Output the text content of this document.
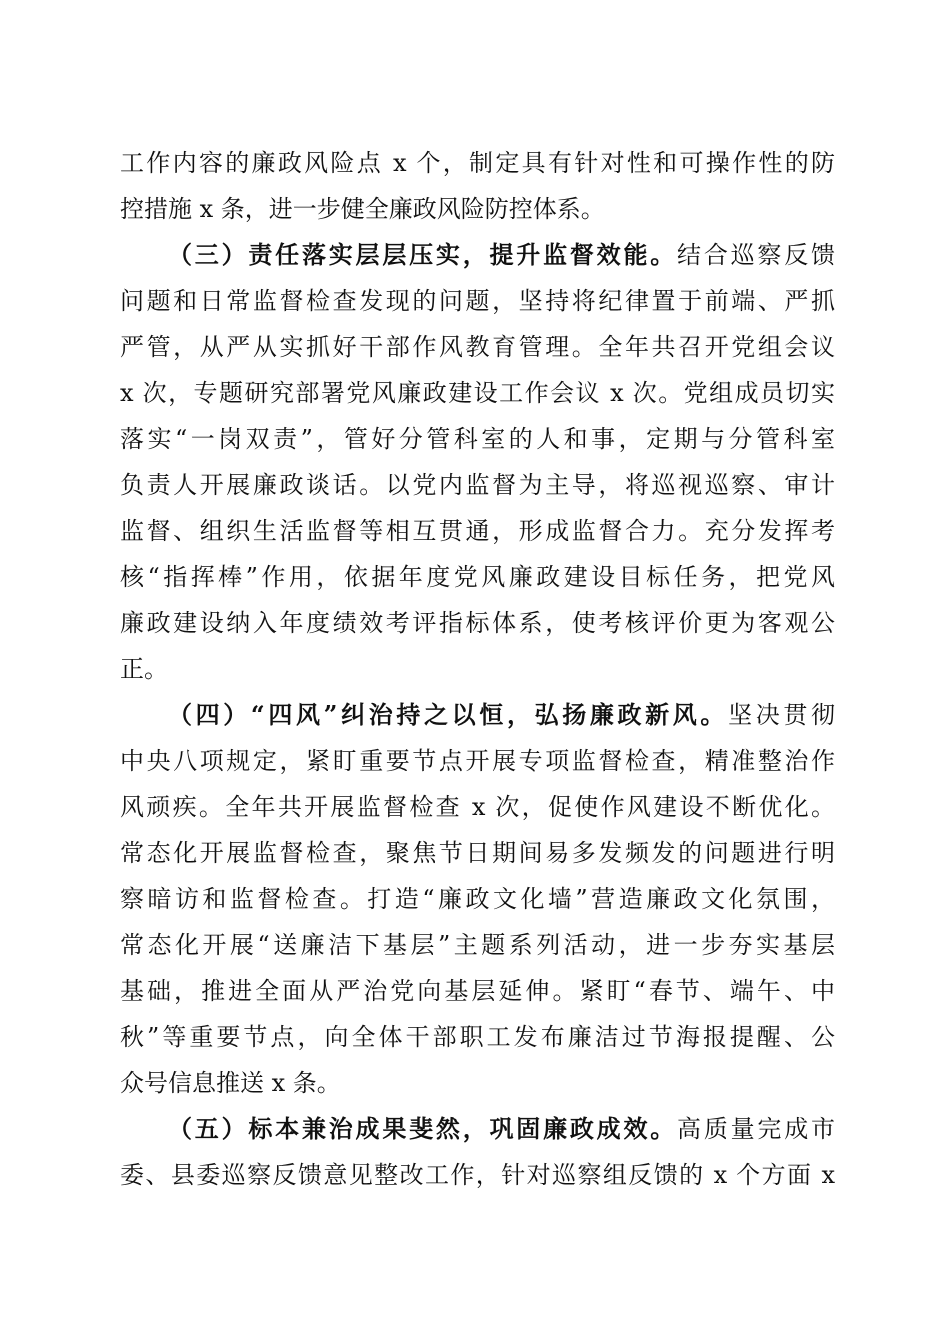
工作内容的廉政风险点 x 个，制定具有针对性和可操作性的防
控措施 x 条，进一步健全廉政风险防控体系。
（三）责任落实层层压实，提升监督效能。结合巡察反馈
问题和日常监督检查发现的问题，坚持将纪律置于前端、严抓
严管，从严从实抓好干部作风教育管理。全年共召开党组会议
x 次，专题研究部署党风廉政建设工作会议 x 次。党组成员切实
落实“一岗双责”，管好分管科室的人和事，定期与分管科室
负责人开展廉政谈话。以党内监督为主导，将巡视巡察、审计
监督、组织生活监督等相互贯通，形成监督合力。充分发挥考
核“指挥棒”作用，依据年度党风廉政建设目标任务，把党风
廉政建设纳入年度绩效考评指标体系，使考核评价更为客观公
正。
（四）“四风”纠治持之以恒，弘扬廉政新风。坚决贯彻
中央八项规定，紧盯重要节点开展专项监督检查，精准整治作
风顽疾。全年共开展监督检查 x 次，促使作风建设不断优化。
常态化开展监督检查，聚焦节日期间易多发频发的问题进行明
察暗访和监督检查。打造“廉政文化墙”营造廉政文化氛围，
常态化开展“送廉洁下基层”主题系列活动，进一步夯实基层
基础，推进全面从严治党向基层延伸。紧盯“春节、端午、中
秋”等重要节点，向全体干部职工发布廉洁过节海报提醒、公
众号信息推送 x 条。
（五）标本兼治成果斐然，巩固廉政成效。高质量完成市
委、县委巡察反馈意见整改工作，针对巡察组反馈的 x 个方面 x
